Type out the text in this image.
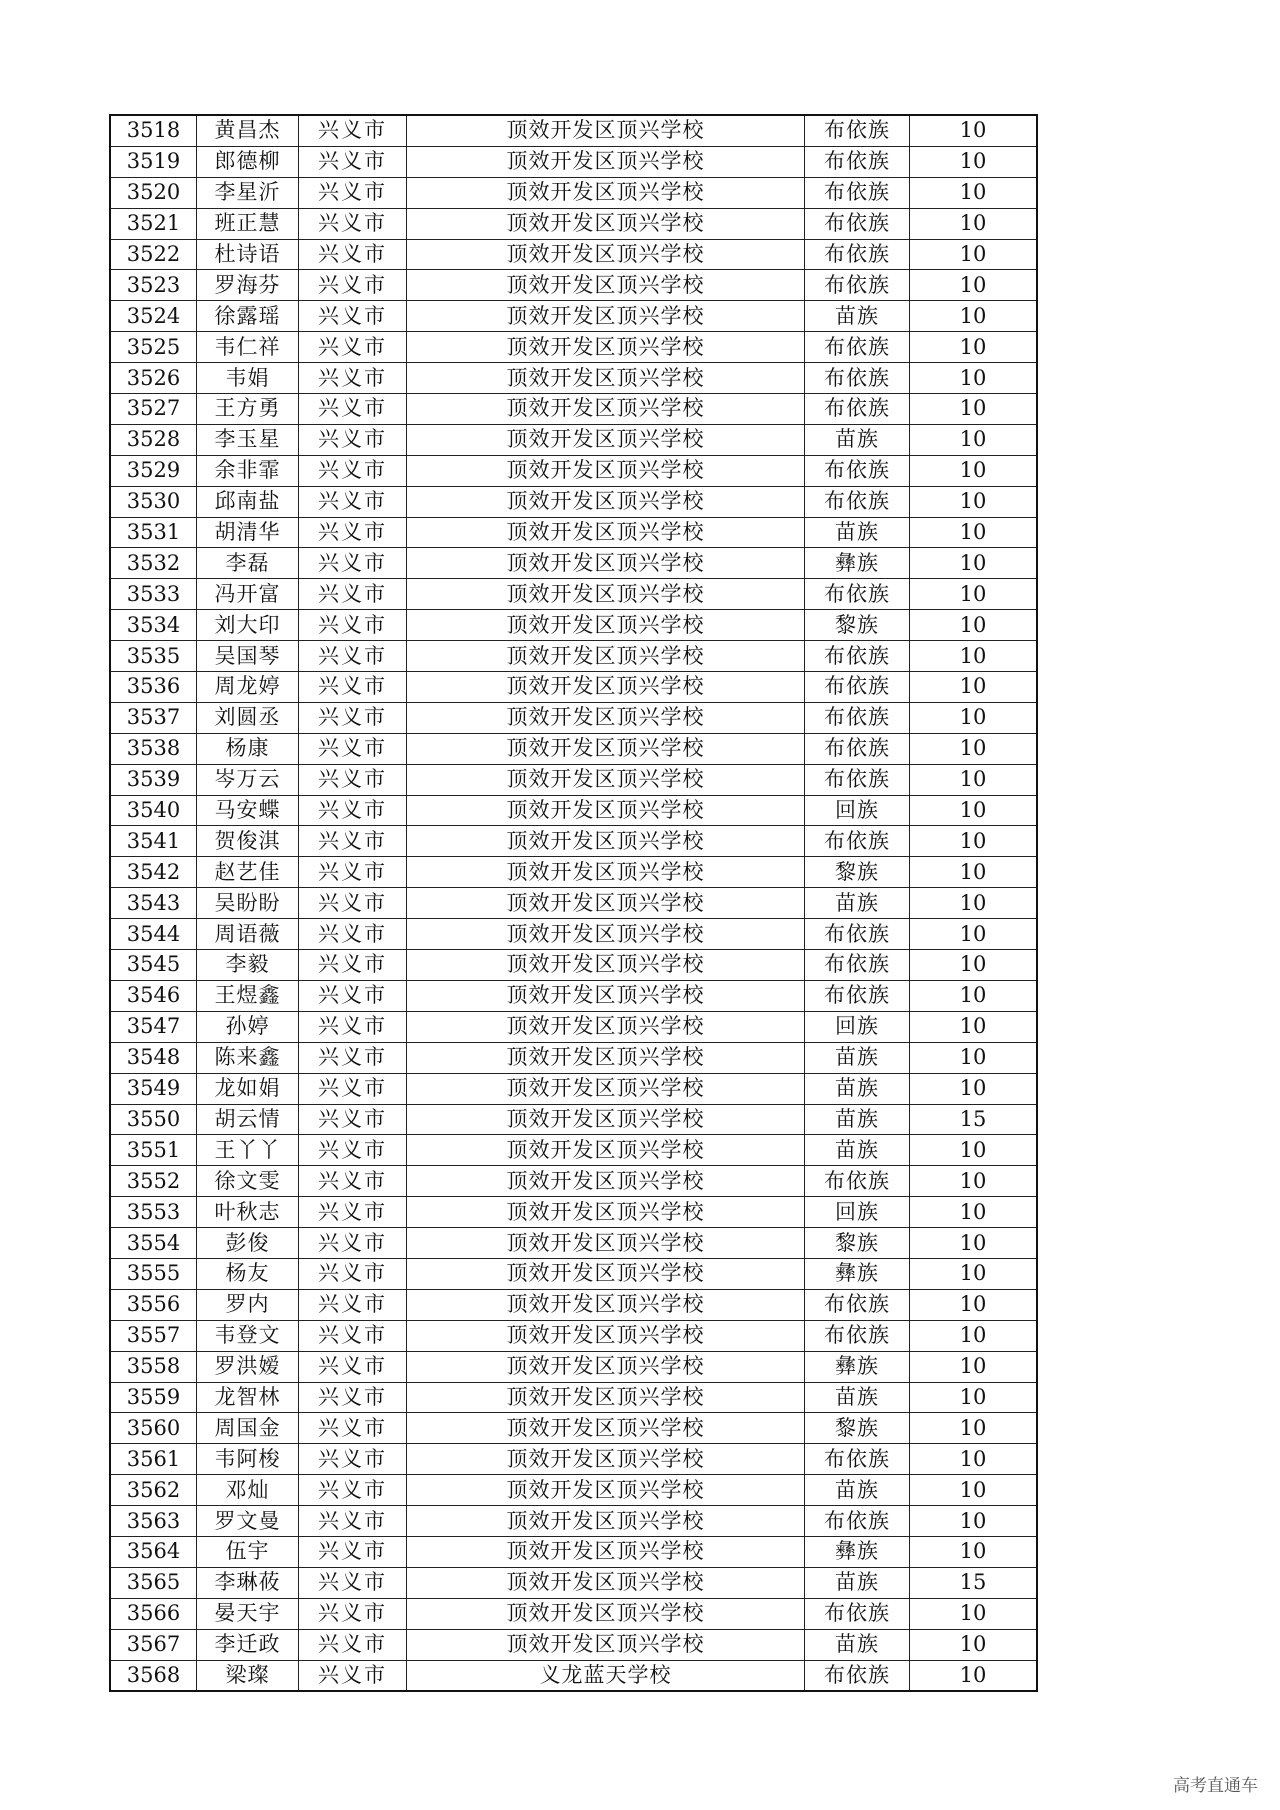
3518	黄昌杰	兴义市	顶效开发区顶兴学校	布依族	10
3519	郎德柳	兴义市	顶效开发区顶兴学校	布依族	10
3520	李星沂	兴义市	顶效开发区顶兴学校	布依族	10
3521	班正慧	兴义市	顶效开发区顶兴学校	布依族	10
3522	杜诗语	兴义市	顶效开发区顶兴学校	布依族	10
3523	罗海芬	兴义市	顶效开发区顶兴学校	布依族	10
3524	徐露瑶	兴义市	顶效开发区顶兴学校	苗族	10
3525	韦仁祥	兴义市	顶效开发区顶兴学校	布依族	10
3526	韦娟	兴义市	顶效开发区顶兴学校	布依族	10
3527	王方勇	兴义市	顶效开发区顶兴学校	布依族	10
3528	李玉星	兴义市	顶效开发区顶兴学校	苗族	10
3529	余非霏	兴义市	顶效开发区顶兴学校	布依族	10
3530	邱南盐	兴义市	顶效开发区顶兴学校	布依族	10
3531	胡清华	兴义市	顶效开发区顶兴学校	苗族	10
3532	李磊	兴义市	顶效开发区顶兴学校	彝族	10
3533	冯开富	兴义市	顶效开发区顶兴学校	布依族	10
3534	刘大印	兴义市	顶效开发区顶兴学校	黎族	10
3535	吴国琴	兴义市	顶效开发区顶兴学校	布依族	10
3536	周龙婷	兴义市	顶效开发区顶兴学校	布依族	10
3537	刘圆丞	兴义市	顶效开发区顶兴学校	布依族	10
3538	杨康	兴义市	顶效开发区顶兴学校	布依族	10
3539	岑万云	兴义市	顶效开发区顶兴学校	布依族	10
3540	马安蝶	兴义市	顶效开发区顶兴学校	回族	10
3541	贺俊淇	兴义市	顶效开发区顶兴学校	布依族	10
3542	赵艺佳	兴义市	顶效开发区顶兴学校	黎族	10
3543	吴盼盼	兴义市	顶效开发区顶兴学校	苗族	10
3544	周语薇	兴义市	顶效开发区顶兴学校	布依族	10
3545	李毅	兴义市	顶效开发区顶兴学校	布依族	10
3546	王煜鑫	兴义市	顶效开发区顶兴学校	布依族	10
3547	孙婷	兴义市	顶效开发区顶兴学校	回族	10
3548	陈来鑫	兴义市	顶效开发区顶兴学校	苗族	10
3549	龙如娟	兴义市	顶效开发区顶兴学校	苗族	10
3550	胡云情	兴义市	顶效开发区顶兴学校	苗族	15
3551	王丫丫	兴义市	顶效开发区顶兴学校	苗族	10
3552	徐文雯	兴义市	顶效开发区顶兴学校	布依族	10
3553	叶秋志	兴义市	顶效开发区顶兴学校	回族	10
3554	彭俊	兴义市	顶效开发区顶兴学校	黎族	10
3555	杨友	兴义市	顶效开发区顶兴学校	彝族	10
3556	罗内	兴义市	顶效开发区顶兴学校	布依族	10
3557	韦登文	兴义市	顶效开发区顶兴学校	布依族	10
3558	罗洪嫒	兴义市	顶效开发区顶兴学校	彝族	10
3559	龙智林	兴义市	顶效开发区顶兴学校	苗族	10
3560	周国金	兴义市	顶效开发区顶兴学校	黎族	10
3561	韦阿梭	兴义市	顶效开发区顶兴学校	布依族	10
3562	邓灿	兴义市	顶效开发区顶兴学校	苗族	10
3563	罗文曼	兴义市	顶效开发区顶兴学校	布依族	10
3564	伍宇	兴义市	顶效开发区顶兴学校	彝族	10
3565	李琳莜	兴义市	顶效开发区顶兴学校	苗族	15
3566	晏天宇	兴义市	顶效开发区顶兴学校	布依族	10
3567	李迁政	兴义市	顶效开发区顶兴学校	苗族	10
3568	梁璨	兴义市	义龙蓝天学校	布依族	10
高考直通车
